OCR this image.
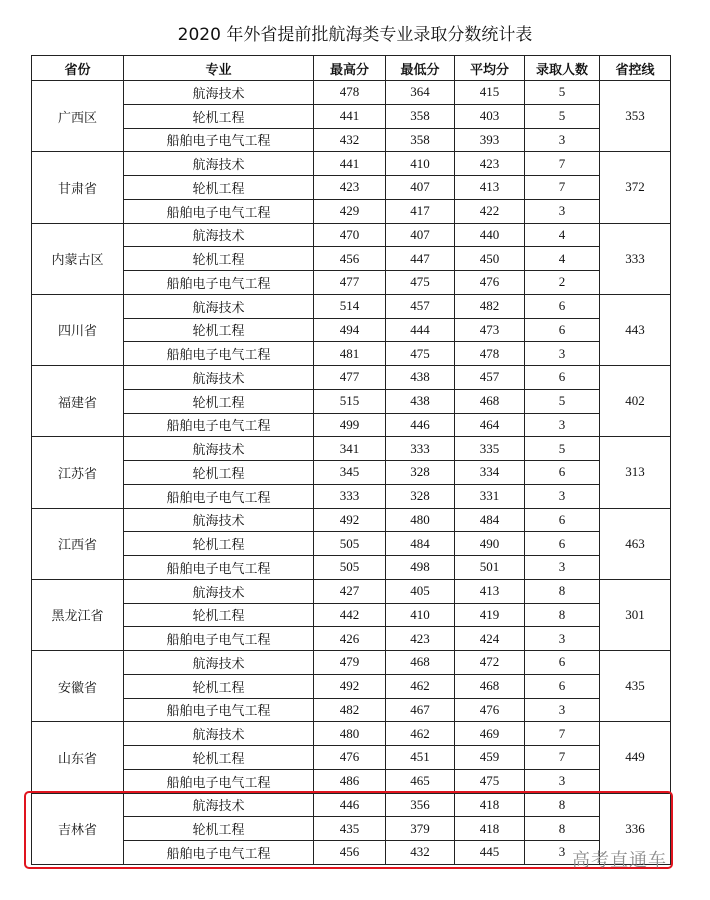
2020 年外省提前批航海类专业录取分数统计表
省份	专业	最高分	最低分	平均分	录取人数	省控线
广西区	航海技术	478	364	415	5	353
	轮机工程	441	358	403	5	
	船舶电子电气工程	432	358	393	3	
甘肃省	航海技术	441	410	423	7	372
	轮机工程	423	407	413	7	
	船舶电子电气工程	429	417	422	3	
内蒙古区	航海技术	470	407	440	4	333
	轮机工程	456	447	450	4	
	船舶电子电气工程	477	475	476	2	
四川省	航海技术	514	457	482	6	443
	轮机工程	494	444	473	6	
	船舶电子电气工程	481	475	478	3	
福建省	航海技术	477	438	457	6	402
	轮机工程	515	438	468	5	
	船舶电子电气工程	499	446	464	3	
江苏省	航海技术	341	333	335	5	313
	轮机工程	345	328	334	6	
	船舶电子电气工程	333	328	331	3	
江西省	航海技术	492	480	484	6	463
	轮机工程	505	484	490	6	
	船舶电子电气工程	505	498	501	3	
黑龙江省	航海技术	427	405	413	8	301
	轮机工程	442	410	419	8	
	船舶电子电气工程	426	423	424	3	
安徽省	航海技术	479	468	472	6	435
	轮机工程	492	462	468	6	
	船舶电子电气工程	482	467	476	3	
山东省	航海技术	480	462	469	7	449
	轮机工程	476	451	459	7	
	船舶电子电气工程	486	465	475	3	
吉林省	航海技术	446	356	418	8	336
	轮机工程	435	379	418	8	
	船舶电子电气工程	456	432	445	3	高考直通车
